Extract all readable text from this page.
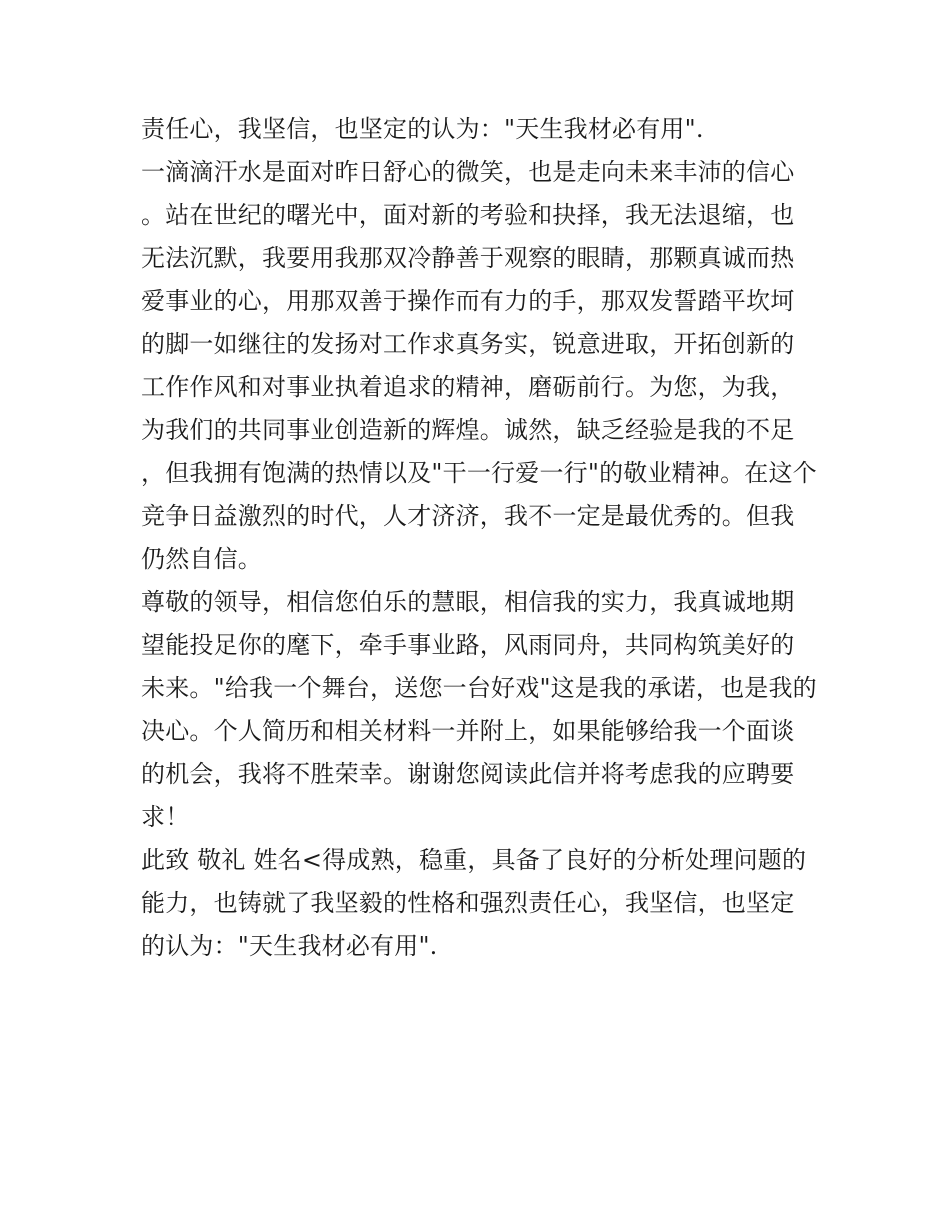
责任心，我坚信，也坚定的认为："天生我材必有用".

一滴滴汗水是面对昨日舒心的微笑，也是走向未来丰沛的信心。站在世纪的曙光中，面对新的考验和抉择，我无法退缩，也无法沉默，我要用我那双冷静善于观察的眼睛，那颗真诚而热爱事业的心，用那双善于操作而有力的手，那双发誓踏平坎坷的脚一如继往的发扬对工作求真务实，锐意进取，开拓创新的工作作风和对事业执着追求的精神，磨砺前行。为您，为我，为我们的共同事业创造新的辉煌。诚然，缺乏经验是我的不足，但我拥有饱满的热情以及"干一行爱一行"的敬业精神。在这个竞争日益激烈的时代，人才济济，我不一定是最优秀的。但我仍然自信。

尊敬的领导，相信您伯乐的慧眼，相信我的实力，我真诚地期望能投足你的麾下，牵手事业路，风雨同舟，共同构筑美好的未来。"给我一个舞台，送您一台好戏"这是我的承诺，也是我的决心。个人简历和相关材料一并附上，如果能够给我一个面谈的机会，我将不胜荣幸。谢谢您阅读此信并将考虑我的应聘要求！

此致 敬礼 姓名<得成熟，稳重，具备了良好的分析处理问题的能力，也铸就了我坚毅的性格和强烈责任心，我坚信，也坚定的认为："天生我材必有用".
